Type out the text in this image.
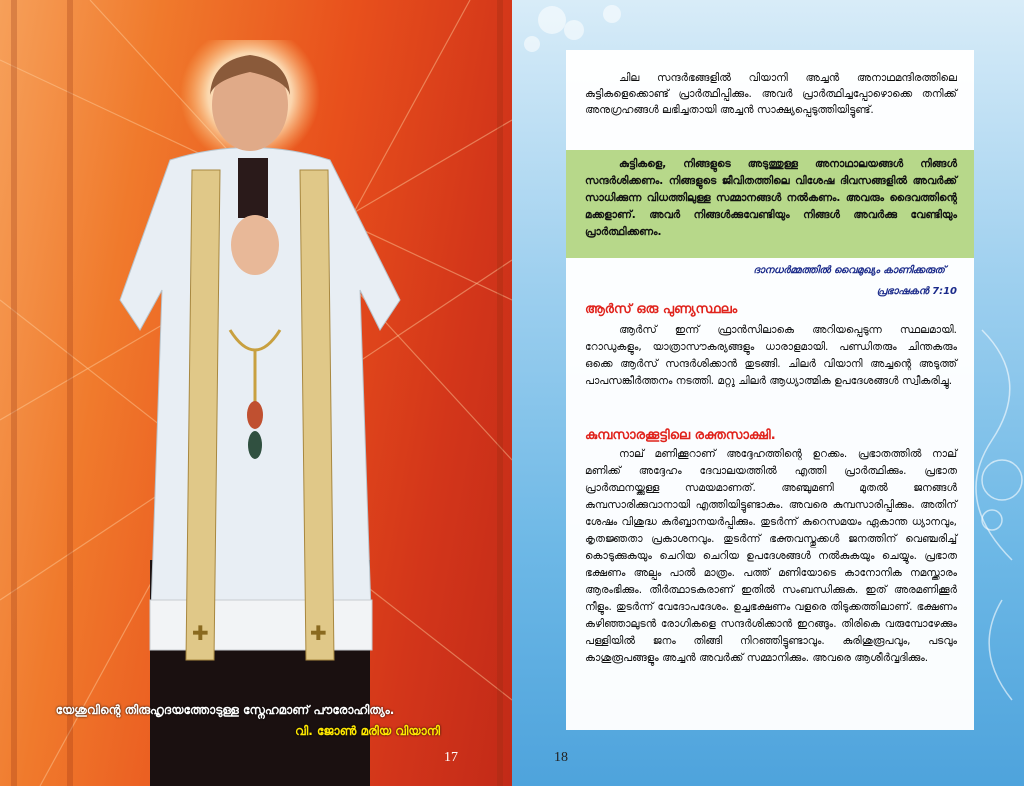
✚	✚
യേശുവിന്റെ തിരുഹൃദയത്തോടുള്ള സ്നേഹമാണ് പൗരോഹിത്യം.
വി. ജോൺ മരിയ വിയാനി
17	18

ചില സന്ദർഭങ്ങളിൽ വിയാനി അച്ചൻ അനാഥമന്ദിരത്തിലെ കുട്ടികളെക്കൊണ്ട് പ്രാർത്ഥിപ്പിക്കും. അവർ പ്രാർത്ഥിച്ചപ്പോഴൊക്കെ തനിക്ക് അനുഗ്രഹങ്ങൾ ലഭിച്ചതായി അച്ചൻ സാക്ഷ്യപ്പെടുത്തിയിട്ടുണ്ട്.

കുട്ടികളെ, നിങ്ങളുടെ അടുത്തുള്ള അനാഥാലയങ്ങൾ നിങ്ങൾ സന്ദർശിക്കണം. നിങ്ങളുടെ ജീവിതത്തിലെ വിശേഷ ദിവസങ്ങളിൽ അവർക്ക് സാധിക്കുന്ന വിധത്തിലുള്ള സമ്മാനങ്ങൾ നൽകണം. അവരും ദൈവത്തിന്റെ മക്കളാണ്. അവർ നിങ്ങൾക്കുവേണ്ടിയും നിങ്ങൾ അവർക്കു വേണ്ടിയും പ്രാർത്ഥിക്കണം.

ദാനധർമ്മത്തിൽ വൈമുഖ്യം കാണിക്കരുത്
പ്രഭാഷകൻ 7:10
ആർസ് ഒരു പുണ്യസ്ഥലം

ആർസ് ഇന്ന് ഫ്രാൻസിലാകെ അറിയപ്പെടുന്ന സ്ഥലമായി. റോഡുകളും, യാത്രാസൗകര്യങ്ങളും ധാരാളമായി. പണ്ഡിതരും ചിന്തകരും ഒക്കെ ആർസ് സന്ദർശിക്കാൻ തുടങ്ങി. ചിലർ വിയാനി അച്ചന്റെ അടുത്ത് പാപസങ്കീർത്തനം നടത്തി. മറ്റു ചിലർ ആധ്യാത്മിക ഉപദേശങ്ങൾ സ്വീകരിച്ചു.

കുമ്പസാരക്കൂട്ടിലെ രക്തസാക്ഷി.

നാല് മണിക്കൂറാണ് അദ്ദേഹത്തിന്റെ ഉറക്കം. പ്രഭാതത്തിൽ നാല് മണിക്ക് അദ്ദേഹം ദേവാലയത്തിൽ എത്തി പ്രാർത്ഥിക്കും. പ്രഭാത പ്രാർത്ഥനയ്ക്കുള്ള സമയമാണത്. അഞ്ചുമണി മുതൽ ജനങ്ങൾ കുമ്പസാരിക്കുവാനായി എത്തിയിട്ടുണ്ടാകും. അവരെ കുമ്പസാരിപ്പിക്കും. അതിന് ശേഷം വിശുദ്ധ കുർബ്ബാനയർപ്പിക്കും. തുടർന്ന് കുറെസമയം ഏകാന്ത ധ്യാനവും, കൃതജ്ഞതാ പ്രകാശനവും. തുടർന്ന് ഭക്തവസ്തുക്കൾ ജനത്തിന് വെഞ്ചരിച്ച് കൊടുക്കുകയും ചെറിയ ചെറിയ ഉപദേശങ്ങൾ നൽകുകയും ചെയ്യും. പ്രഭാത ഭക്ഷണം അല്പം പാൽ മാത്രം. പത്ത് മണിയോടെ കാനോനിക നമസ്ക്കാരം ആരംഭിക്കും. തീർത്ഥാടകരാണ് ഇതിൽ സംബന്ധിക്കുക. ഇത് അരമണിക്കൂർ നീളും. തുടർന്ന് വേദോപദേശം. ഉച്ചഭക്ഷണം വളരെ തിടുക്കത്തിലാണ്. ഭക്ഷണം കഴിഞ്ഞാലുടൻ രോഗികളെ സന്ദർശിക്കാൻ ഇറങ്ങും. തിരികെ വരുമ്പോഴേക്കും പള്ളിയിൽ ജനം തിങ്ങി നിറഞ്ഞിട്ടുണ്ടാവും. കുരിശുരൂപവും, പടവും കാശുരൂപങ്ങളും അച്ചൻ അവർക്ക് സമ്മാനിക്കും. അവരെ ആശീർവ്വദിക്കും.
